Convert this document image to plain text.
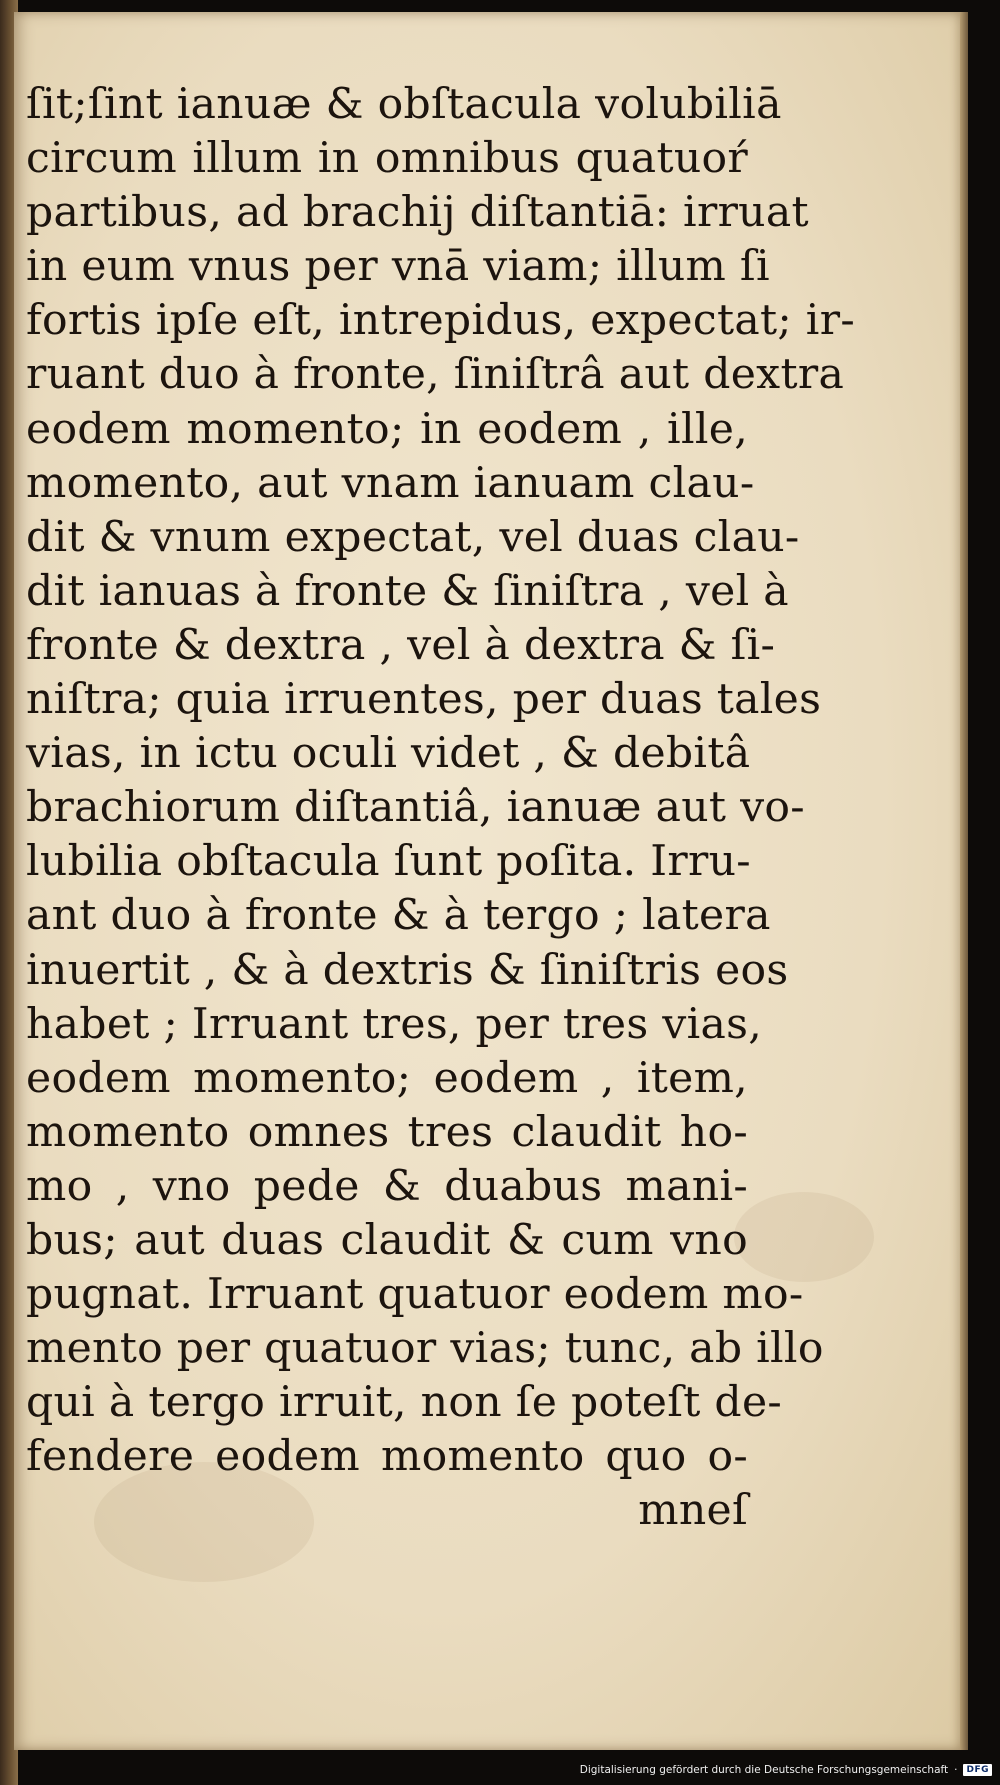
ſit;ſint ianuæ & obſtacula volubiliā
circum illum in omnibus quatuoŕ
partibus, ad brachij diſtantiā: irruat
in eum vnus per vnā viam; illum ſi
fortis ipſe eſt, intrepidus, expectat; ir-
ruant duo à fronte, ſiniſtrâ aut dextra
eodem momento; in eodem , ille,
momento, aut vnam ianuam clau-
dit & vnum expectat, vel duas clau-
dit ianuas à fronte & ſiniſtra , vel à
fronte & dextra , vel à dextra & ſi-
niſtra; quia irruentes, per duas tales
vias, in ictu oculi videt , & debitâ
brachiorum diſtantiâ, ianuæ aut vo-
lubilia obſtacula ſunt poſita. Irru-
ant duo à fronte & à tergo ; latera
inuertit , & à dextris & ſiniſtris eos
habet ; Irruant tres, per tres vias,
eodem momento; eodem , item,
momento omnes tres claudit ho-
mo , vno pede & duabus mani-
bus; aut duas claudit & cum vno
pugnat. Irruant quatuor eodem mo-
mento per quatuor vias; tunc, ab illo
qui à tergo irruit, non ſe poteſt de-
fendere eodem momento quo o-
mneſ
Digitalisierung gefördert durch die Deutsche Forschungsgemeinschaft ·	DFG
